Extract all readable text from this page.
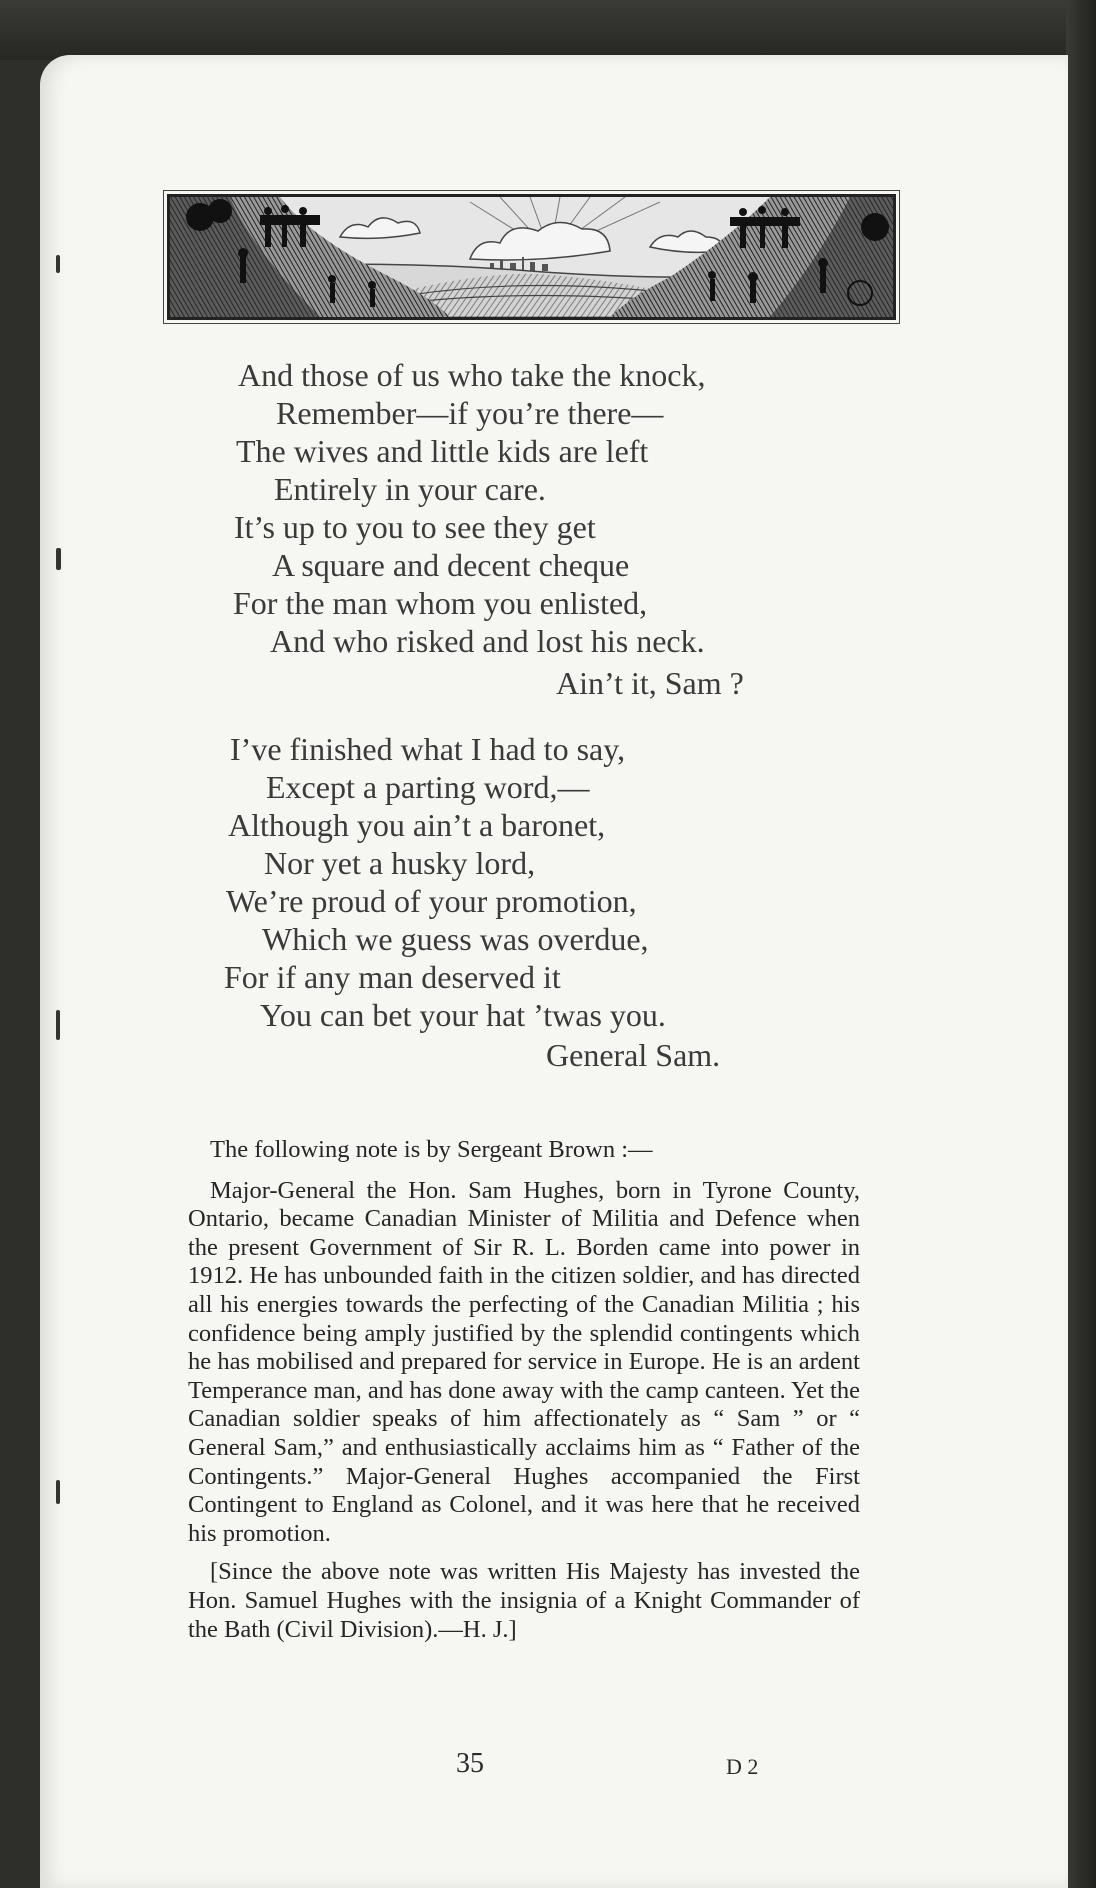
And those of us who take the knock,
Remember—if you’re there—
The wives and little kids are left
Entirely in your care.
It’s up to you to see they get
A square and decent cheque
For the man whom you enlisted,
And who risked and lost his neck.
Ain’t it, Sam ?
I’ve finished what I had to say,
Except a parting word,—
Although you ain’t a baronet,
Nor yet a husky lord,
We’re proud of your promotion,
Which we guess was overdue,
For if any man deserved it
You can bet your hat ’twas you.
General Sam.

The following note is by Sergeant Brown :—

Major-General the Hon. Sam Hughes, born in Tyrone County, Ontario, became Canadian Minister of Militia and Defence when the present Government of Sir R. L. Borden came into power in 1912. He has unbounded faith in the citizen soldier, and has directed all his energies towards the perfecting of the Canadian Militia ; his confidence being amply justified by the splendid contingents which he has mobilised and prepared for service in Europe. He is an ardent Temperance man, and has done away with the camp canteen. Yet the Canadian soldier speaks of him affectionately as “ Sam ” or “ General Sam,” and enthusiastically acclaims him as “ Father of the Contingents.” Major-General Hughes accompanied the First Contingent to England as Colonel, and it was here that he received his promotion.

[Since the above note was written His Majesty has invested the Hon. Samuel Hughes with the insignia of a Knight Commander of the Bath (Civil Division).—H. J.]

35	D 2
